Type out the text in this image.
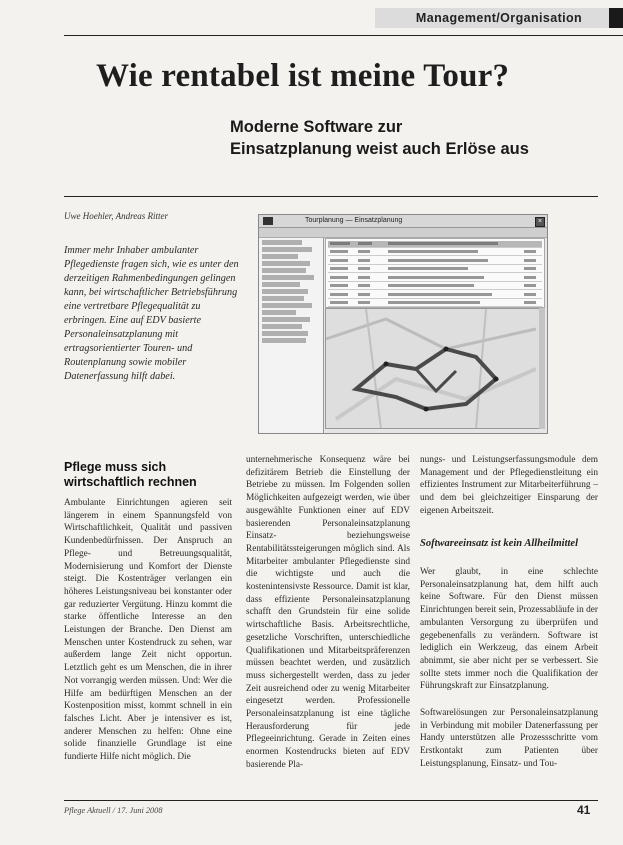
Management/Organisation
Wie rentabel ist meine Tour?
Moderne Software zur
Einsatzplanung weist auch Erlöse aus
Uwe Hoehler, Andreas Ritter
Immer mehr Inhaber ambulanter Pflegedienste fragen sich, wie es unter den derzeitigen Rahmenbedingungen gelingen kann, bei wirtschaftlicher Betriebsführung eine vertretbare Pflegequalität zu erbringen. Eine auf EDV basierte Personaleinsatzplanung mit ertragsorientierter Touren- und Routenplanung sowie mobiler Datenerfassung hilft dabei.
Tourplanung — Einsatzplanung	×
Pflege muss sich wirtschaftlich rechnen
Ambulante Einrichtungen agieren seit längerem in einem Spannungsfeld von Wirtschaftlichkeit, Qualität und passiven Kundenbedürfnissen. Der Anspruch an Pflege- und Betreuungsqualität, Modernisierung und Komfort der Dienste steigt. Die Kostenträger verlangen ein höheres Leistungsniveau bei konstanter oder gar reduzierter Vergütung. Hinzu kommt die starke öffentliche Interesse an den Leistungen der Branche. Den Dienst am Menschen unter Kostendruck zu sehen, war außerdem lange Zeit nicht opportun. Letztlich geht es um Menschen, die in ihrer Not vorrangig werden müssen. Und: Wer die Hilfe am bedürftigen Menschen an der Kostenposition misst, kommt schnell in ein falsches Licht. Aber je intensiver es ist, anderer Menschen zu helfen: Ohne eine solide finanzielle Grundlage ist eine fundierte Hilfe nicht möglich. Die
unternehmerische Konsequenz wäre bei defizitärem Betrieb die Einstellung der Betriebe zu müssen. Im Folgenden sollen Möglichkeiten aufgezeigt werden, wie über ausgewählte Funktionen einer auf EDV basierenden Personaleinsatzplanung Einsatz- beziehungsweise Rentabilitätssteigerungen möglich sind. Als Mitarbeiter ambulanter Pflegedienste sind die wichtigste und auch die kostenintensivste Ressource. Damit ist klar, dass effiziente Personaleinsatzplanung schafft den Grundstein für eine solide wirtschaftliche Basis. Arbeitsrechtliche, gesetzliche Vorschriften, unterschiedliche Qualifikationen und Mitarbeitspräferenzen müssen beachtet werden, und zusätzlich muss sichergestellt werden, dass zu jeder Zeit ausreichend oder zu wenig Mitarbeiter eingesetzt werden. Professionelle Personaleinsatzplanung ist eine tägliche Herausforderung für jede Pflegeeinrichtung. Gerade in Zeiten eines enormen Kostendrucks bieten auf EDV basierende Pla-
nungs- und Leistungserfassungsmodule dem Management und der Pflegedienstleitung ein effizientes Instrument zur Mitarbeiterführung – und dem bei gleichzeitiger Einsparung der eigenen Arbeitszeit.
Softwareeinsatz ist kein Allheilmittel
Wer glaubt, in eine schlechte Personaleinsatzplanung hat, dem hilft auch keine Software. Für den Dienst müssen Einrichtungen bereit sein, Prozessabläufe in der ambulanten Versorgung zu überprüfen und gegebenenfalls zu verändern. Software ist lediglich ein Werkzeug, das einem Arbeit abnimmt, sie aber nicht per se verbessert. Sie sollte stets immer noch die Qualifikation der Führungskraft zur Einsatzplanung.
Softwarelösungen zur Personaleinsatzplanung in Verbindung mit mobiler Datenerfassung per Handy unterstützen alle Prozessschritte vom Erstkontakt zum Patienten über Leistungsplanung, Einsatz- und Tou-
Pflege Aktuell / 17. Juni 2008	41
